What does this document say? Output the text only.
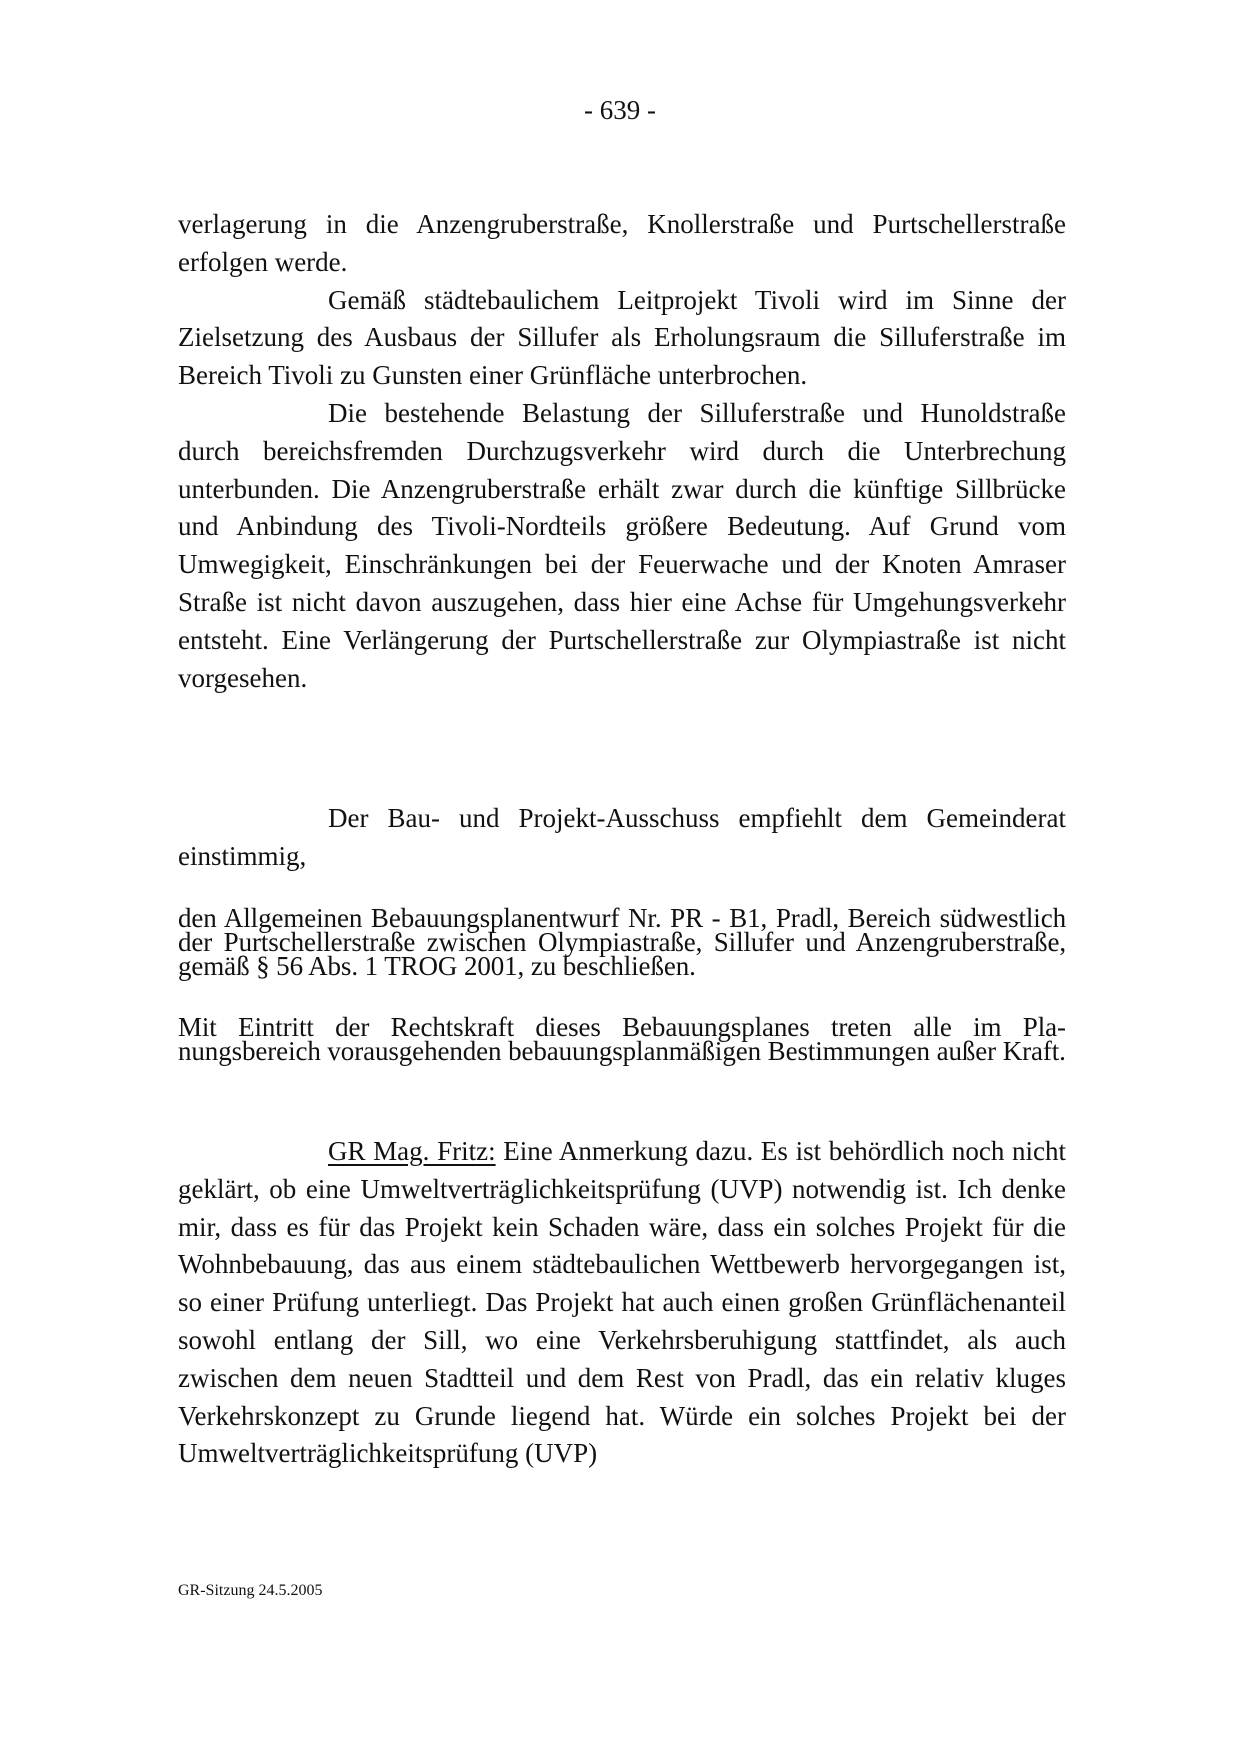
- 639 -

verlagerung in die Anzengruberstraße, Knollerstraße und Purtschellerstraße erfolgen werde.

Gemäß städtebaulichem Leitprojekt Tivoli wird im Sinne der Zielsetzung des Ausbaus der Sillufer als Erholungsraum die Silluferstraße im Bereich Tivoli zu Gunsten einer Grünfläche unterbrochen.

Die bestehende Belastung der Silluferstraße und Hunoldstraße durch bereichsfremden Durchzugsverkehr wird durch die Unterbrechung unterbunden. Die Anzengruberstraße erhält zwar durch die künftige Sillbrücke und Anbindung des Tivoli-Nordteils größere Bedeutung. Auf Grund vom Umwegigkeit, Einschränkungen bei der Feuerwache und der Knoten Amraser Straße ist nicht davon auszugehen, dass hier eine Achse für Umgehungsverkehr entsteht. Eine Verlängerung der Purtschellerstraße zur Olympiastraße ist nicht vorgesehen.

Der Bau- und Projekt-Ausschuss empfiehlt dem Gemeinderat einstimmig,

den Allgemeinen Bebauungsplanentwurf Nr. PR - B1, Pradl, Bereich südwestlich der Purtschellerstraße zwischen Olympiastraße, Sillufer und Anzengruberstraße, gemäß § 56 Abs. 1 TROG 2001, zu beschließen.
Mit Eintritt der Rechtskraft dieses Bebauungsplanes treten alle im Planungsbereich vorausgehenden bebauungsplanmäßigen Bestimmungen außer Kraft.

GR Mag. Fritz: Eine Anmerkung dazu. Es ist behördlich noch nicht geklärt, ob eine Umweltverträglichkeitsprüfung (UVP) notwendig ist. Ich denke mir, dass es für das Projekt kein Schaden wäre, dass ein solches Projekt für die Wohnbebauung, das aus einem städtebaulichen Wettbewerb hervorgegangen ist, so einer Prüfung unterliegt. Das Projekt hat auch einen großen Grünflächenanteil sowohl entlang der Sill, wo eine Verkehrsberuhigung stattfindet, als auch zwischen dem neuen Stadtteil und dem Rest von Pradl, das ein relativ kluges Verkehrskonzept zu Grunde liegend hat. Würde ein solches Projekt bei der Umweltverträglichkeitsprüfung (UVP)

GR-Sitzung 24.5.2005
